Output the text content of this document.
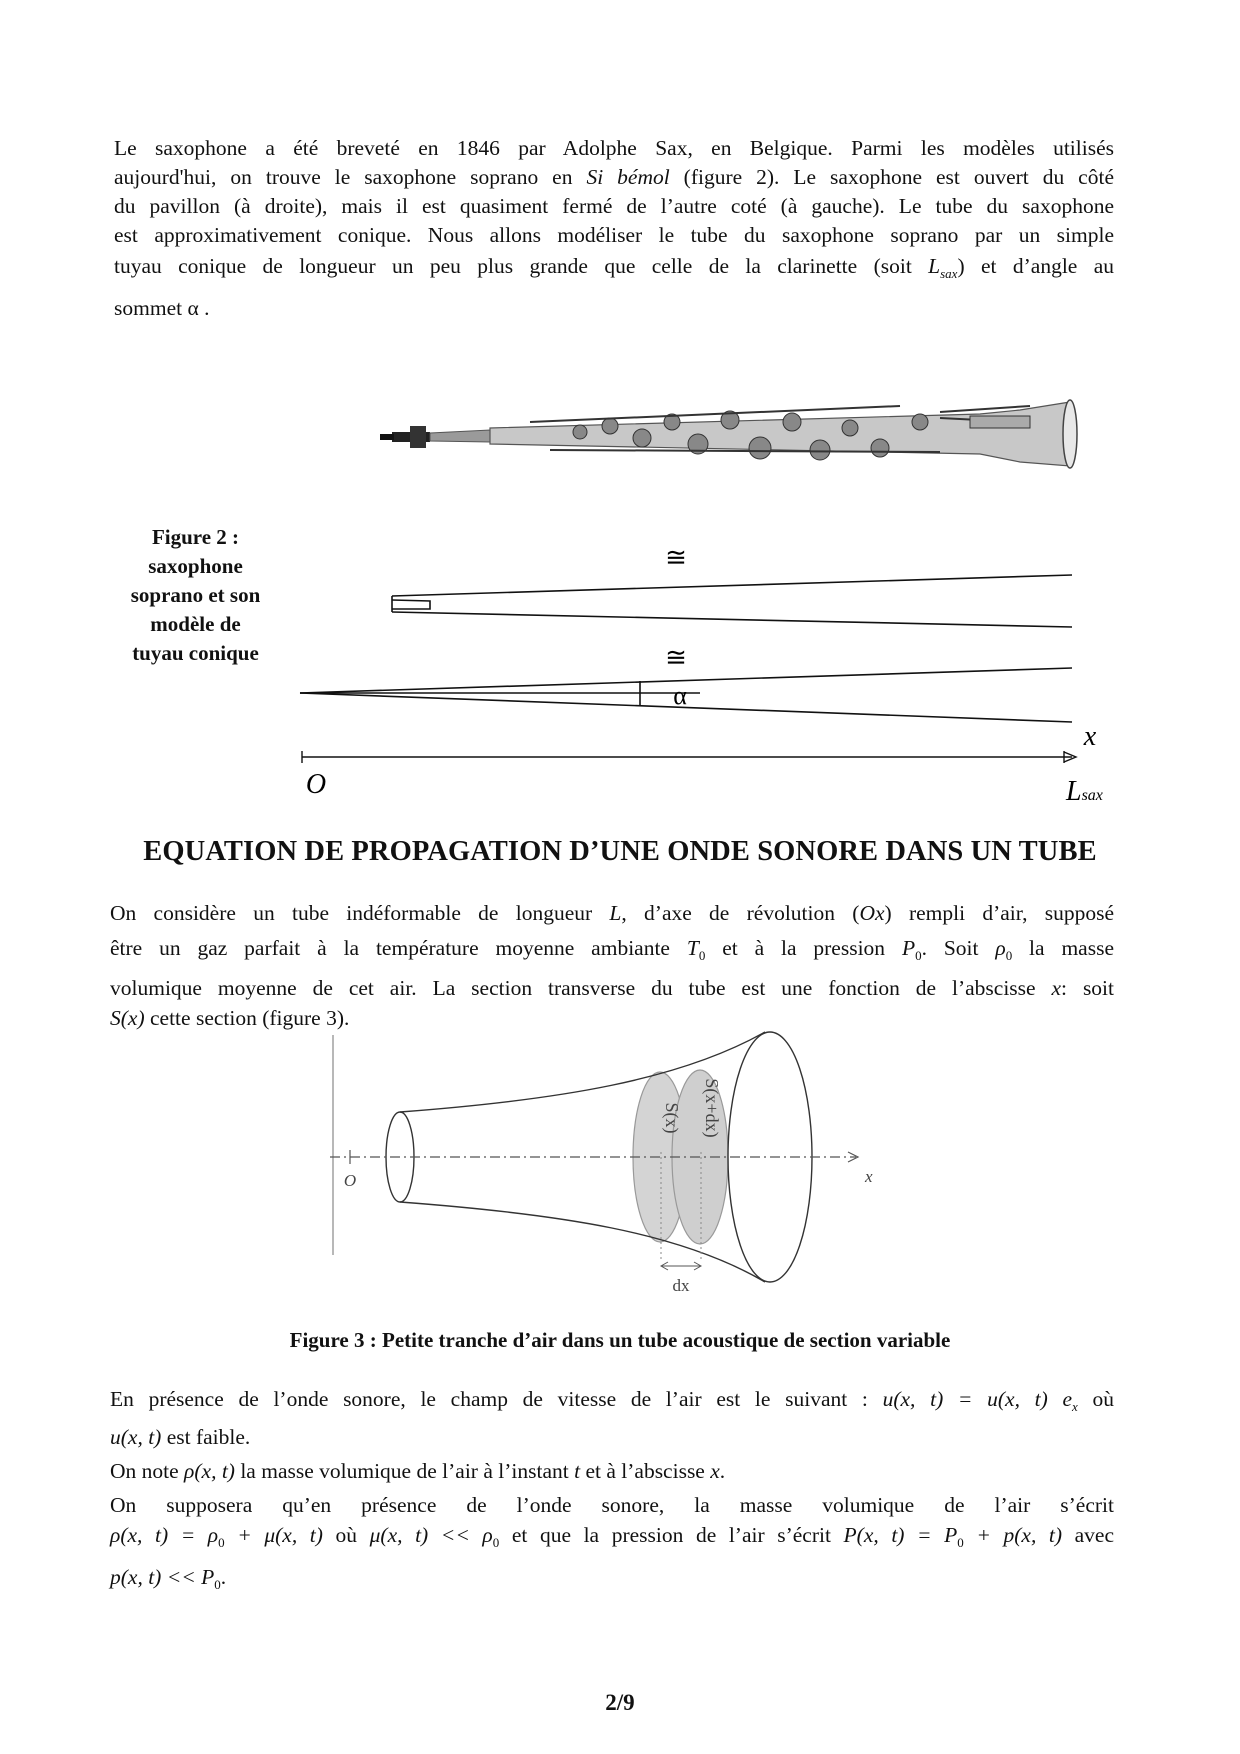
Le saxophone a été breveté en 1846 par Adolphe Sax, en Belgique. Parmi les modèles utilisés
aujourd'hui, on trouve le saxophone soprano en Si bémol (figure 2). Le saxophone est ouvert du côté
du pavillon (à droite), mais il est quasiment fermé de l’autre coté (à gauche). Le tube du saxophone
est approximativement conique. Nous allons modéliser le tube du saxophone soprano par un simple
tuyau conique de longueur un peu plus grande que celle de la clarinette (soit $L_{sax}$) et d’angle au
sommet α .
Figure 2 :
saxophone
soprano et son
modèle de
tuyau conique
≅
≅
α
x
O	Lsax
EQUATION DE PROPAGATION D’UNE ONDE SONORE DANS UN TUBE
On considère un tube indéformable de longueur L, d’axe de révolution (Ox) rempli d’air, supposé
être un gaz parfait à la température moyenne ambiante $T_0$ et à la pression $P_0$. Soit $\rho_0$ la masse
volumique moyenne de cet air. La section transverse du tube est une fonction de l’abscisse x: soit
S(x) cette section (figure 3).
O	x
S(x) S(x+dx)
dx
Figure 3 : Petite tranche d’air dans un tube acoustique de section variable
En présence de l’onde sonore, le champ de vitesse de l’air est le suivant : u(x, t) = u(x, t) $e_x$ où
u(x, t) est faible.
On note ρ(x, t) la masse volumique de l’air à l’instant t et à l’abscisse x.
On supposera qu’en présence de l’onde sonore, la masse volumique de l’air s’écrit
ρ(x, $t) = \rho_0 + \mu(x$, t) où μ(x, $t) << \rho_0$ et que la pression de l’air s’écrit P(x, $t) = P_0 + p(x$, t) avec
p(x, $t) << P_0$.
2/9
